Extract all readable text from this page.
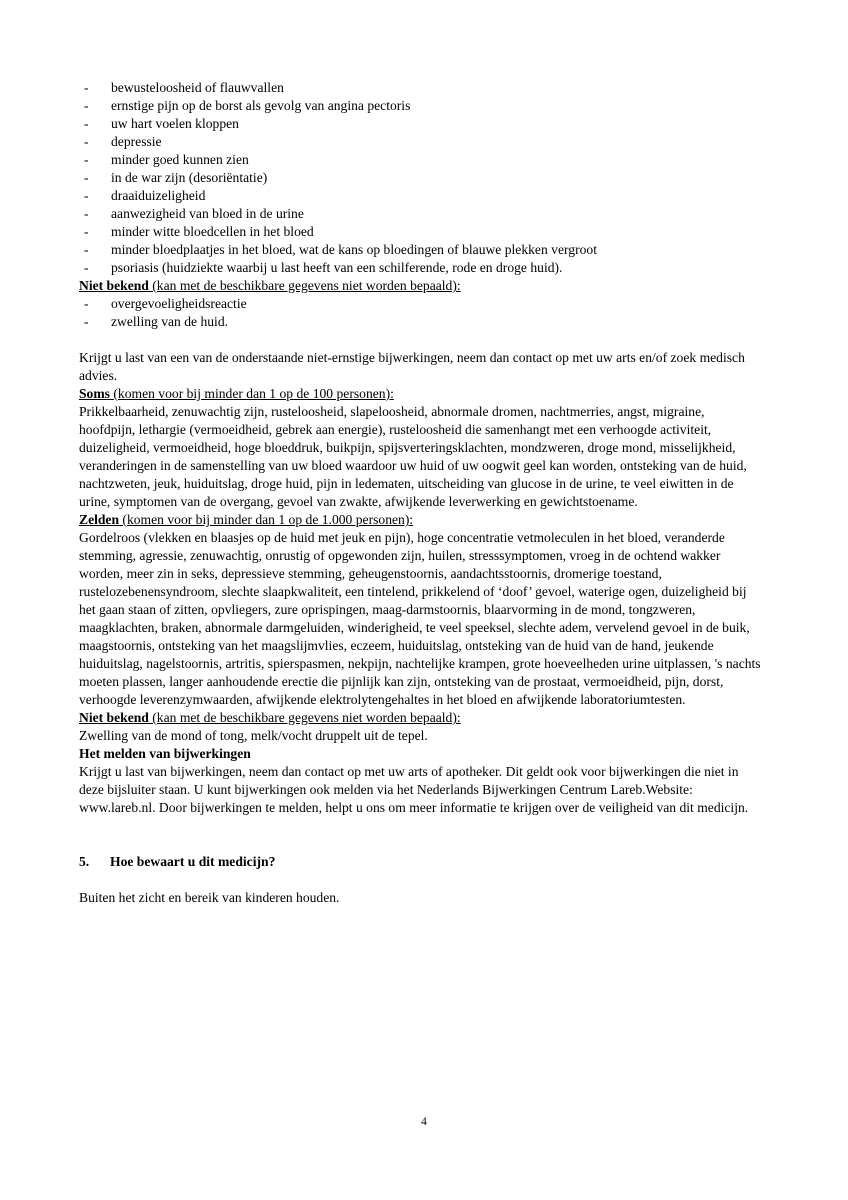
- bewusteloosheid of flauwvallen
- ernstige pijn op de borst als gevolg van angina pectoris
- uw hart voelen kloppen
- depressie
- minder goed kunnen zien
- in de war zijn (desoriëntatie)
- draaiduizeligheid
- aanwezigheid van bloed in de urine
- minder witte bloedcellen in het bloed
- minder bloedplaatjes in het bloed, wat de kans op bloedingen of blauwe plekken vergroot
- psoriasis (huidziekte waarbij u last heeft van een schilferende, rode en droge huid).

Niet bekend (kan met de beschikbare gegevens niet worden bepaald):

- overgevoeligheidsreactie
- zwelling van de huid.

Krijgt u last van een van de onderstaande niet-ernstige bijwerkingen, neem dan contact op met uw arts en/of zoek medisch advies.

Soms (komen voor bij minder dan 1 op de 100 personen):

Prikkelbaarheid, zenuwachtig zijn, rusteloosheid, slapeloosheid, abnormale dromen, nachtmerries, angst, migraine, hoofdpijn, lethargie (vermoeidheid, gebrek aan energie), rusteloosheid die samenhangt met een verhoogde activiteit, duizeligheid, vermoeidheid, hoge bloeddruk, buikpijn, spijsverteringsklachten, mondzweren, droge mond, misselijkheid, veranderingen in de samenstelling van uw bloed waardoor uw huid of uw oogwit geel kan worden, ontsteking van de huid, nachtzweten, jeuk, huiduitslag, droge huid, pijn in ledematen, uitscheiding van glucose in de urine, te veel eiwitten in de urine, symptomen van de overgang, gevoel van zwakte, afwijkende leverwerking en gewichtstoename.

Zelden (komen voor bij minder dan 1 op de 1.000 personen):

Gordelroos (vlekken en blaasjes op de huid met jeuk en pijn), hoge concentratie vetmoleculen in het bloed, veranderde stemming, agressie, zenuwachtig, onrustig of opgewonden zijn, huilen, stresssymptomen, vroeg in de ochtend wakker worden, meer zin in seks, depressieve stemming, geheugenstoornis, aandachtsstoornis, dromerige toestand, rustelozebenensyndroom, slechte slaapkwaliteit, een tintelend, prikkelend of ‘doof’ gevoel, waterige ogen, duizeligheid bij het gaan staan of zitten, opvliegers, zure oprispingen, maag-darmstoornis, blaarvorming in de mond, tongzweren, maagklachten, braken, abnormale darmgeluiden, winderigheid, te veel speeksel, slechte adem, vervelend gevoel in de buik, maagstoornis, ontsteking van het maagslijmvlies, eczeem, huiduitslag, ontsteking van de huid van de hand, jeukende huiduitslag, nagelstoornis, artritis, spierspasmen, nekpijn, nachtelijke krampen, grote hoeveelheden urine uitplassen, 's nachts moeten plassen, langer aanhoudende erectie die pijnlijk kan zijn, ontsteking van de prostaat, vermoeidheid, pijn, dorst, verhoogde leverenzymwaarden, afwijkende elektrolytengehaltes in het bloed en afwijkende laboratoriumtesten.

Niet bekend (kan met de beschikbare gegevens niet worden bepaald):

Zwelling van de mond of tong, melk/vocht druppelt uit de tepel.

Het melden van bijwerkingen

Krijgt u last van bijwerkingen, neem dan contact op met uw arts of apotheker. Dit geldt ook voor bijwerkingen die niet in deze bijsluiter staan. U kunt bijwerkingen ook melden via het Nederlands Bijwerkingen Centrum Lareb.Website: www.lareb.nl. Door bijwerkingen te melden, helpt u ons om meer informatie te krijgen over de veiligheid van dit medicijn.

5. Hoe bewaart u dit medicijn?

Buiten het zicht en bereik van kinderen houden.

4
